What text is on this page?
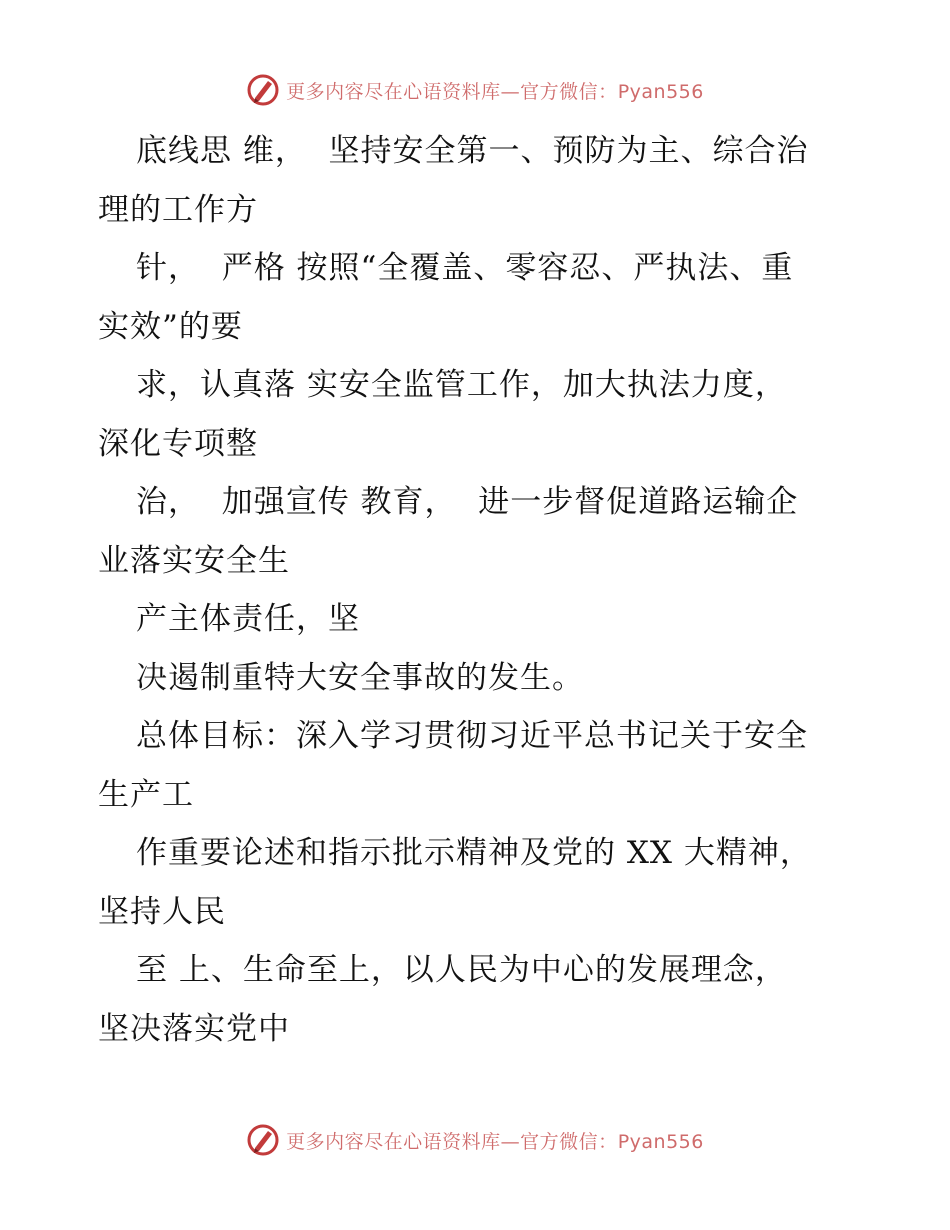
更多内容尽在心语资料库—官方微信：Pyan556
底线思 维，  坚持安全第一、预防为主、综合治
理的工作方
针，  严格 按照“全覆盖、零容忍、严执法、重
实效”的要
求，认真落 实安全监管工作，加大执法力度，
深化专项整
治，  加强宣传 教育，  进一步督促道路运输企
业落实安全生
产主体责任，坚
决遏制重特大安全事故的发生。
总体目标：深入学习贯彻习近平总书记关于安全
生产工
作重要论述和指示批示精神及党的 XX 大精神，
坚持人民
至 上、生命至上，以人民为中心的发展理念，
坚决落实党中
更多内容尽在心语资料库—官方微信：Pyan556
